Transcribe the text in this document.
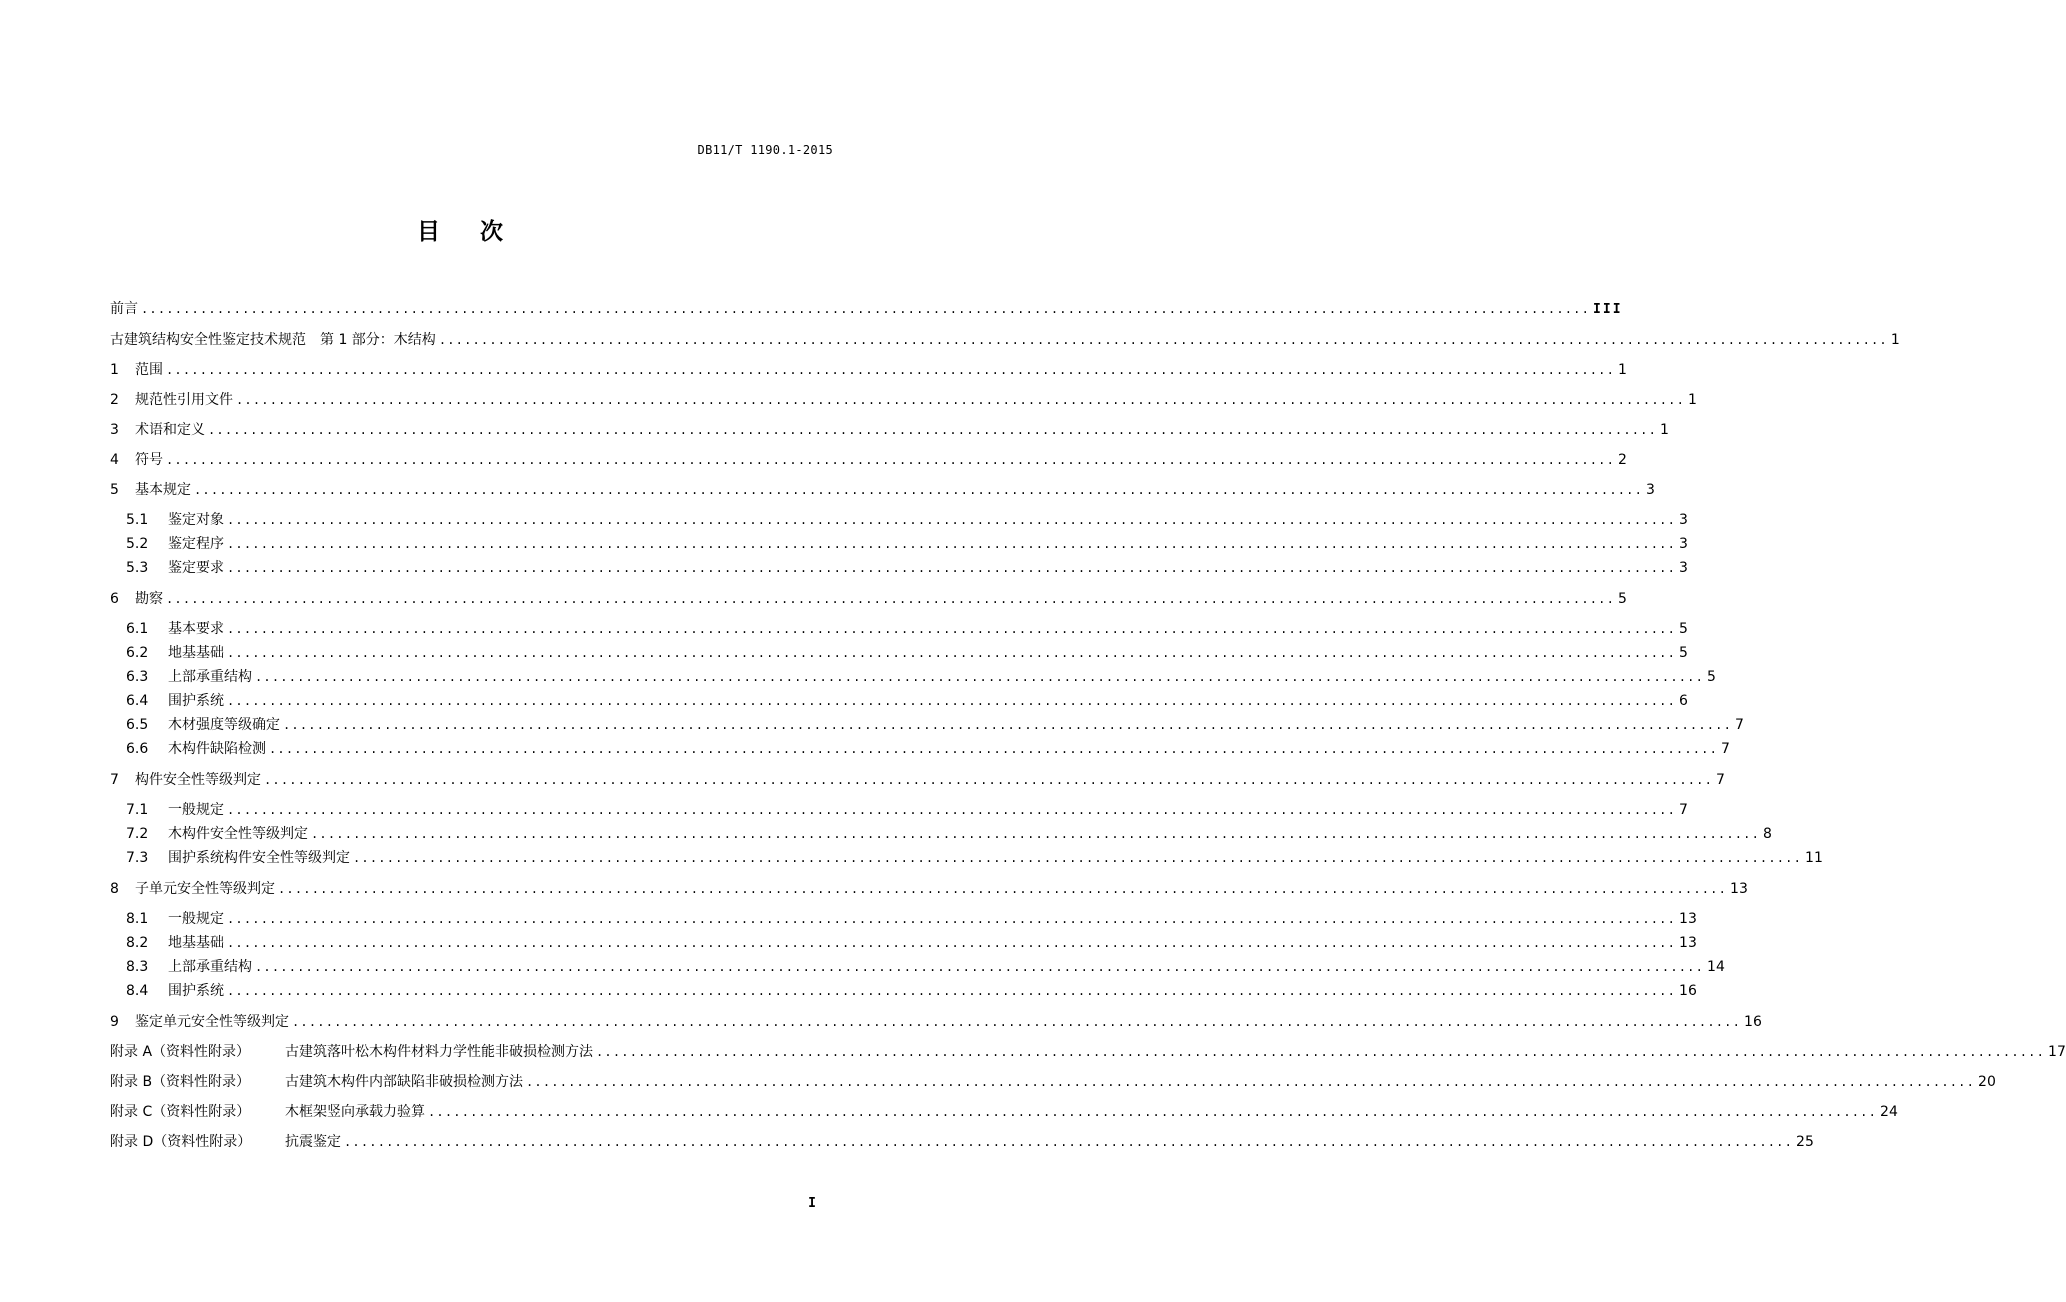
DB11/T 1190.1-2015
目 次
前言 ............................................................................................................................................................................ III
古建筑结构安全性鉴定技术规范　第 1 部分：木结构 ............................................................................................................................................................................ 1
1	范围 ............................................................................................................................................................................ 1
2	规范性引用文件 ............................................................................................................................................................................ 1
3	术语和定义 ............................................................................................................................................................................ 1
4	符号 ............................................................................................................................................................................ 2
5	基本规定 ............................................................................................................................................................................ 3
5.1	鉴定对象 ............................................................................................................................................................................ 3
5.2	鉴定程序 ............................................................................................................................................................................ 3
5.3	鉴定要求 ............................................................................................................................................................................ 3
6	勘察 ............................................................................................................................................................................ 5
6.1	基本要求 ............................................................................................................................................................................ 5
6.2	地基基础 ............................................................................................................................................................................ 5
6.3	上部承重结构 ............................................................................................................................................................................ 5
6.4	围护系统 ............................................................................................................................................................................ 6
6.5	木材强度等级确定 ............................................................................................................................................................................ 7
6.6	木构件缺陷检测 ............................................................................................................................................................................ 7
7	构件安全性等级判定 ............................................................................................................................................................................ 7
7.1	一般规定 ............................................................................................................................................................................ 7
7.2	木构件安全性等级判定 ............................................................................................................................................................................ 8
7.3	围护系统构件安全性等级判定 ............................................................................................................................................................................ 11
8	子单元安全性等级判定 ............................................................................................................................................................................ 13
8.1	一般规定 ............................................................................................................................................................................ 13
8.2	地基基础 ............................................................................................................................................................................ 13
8.3	上部承重结构 ............................................................................................................................................................................ 14
8.4	围护系统 ............................................................................................................................................................................ 16
9	鉴定单元安全性等级判定 ............................................................................................................................................................................ 16
附录 A（资料性附录）	古建筑落叶松木构件材料力学性能非破损检测方法 ............................................................................................................................................................................ 17
附录 B（资料性附录）	古建筑木构件内部缺陷非破损检测方法 ............................................................................................................................................................................ 20
附录 C（资料性附录）	木框架竖向承载力验算 ............................................................................................................................................................................ 24
附录 D（资料性附录）	抗震鉴定 ............................................................................................................................................................................ 25
I
